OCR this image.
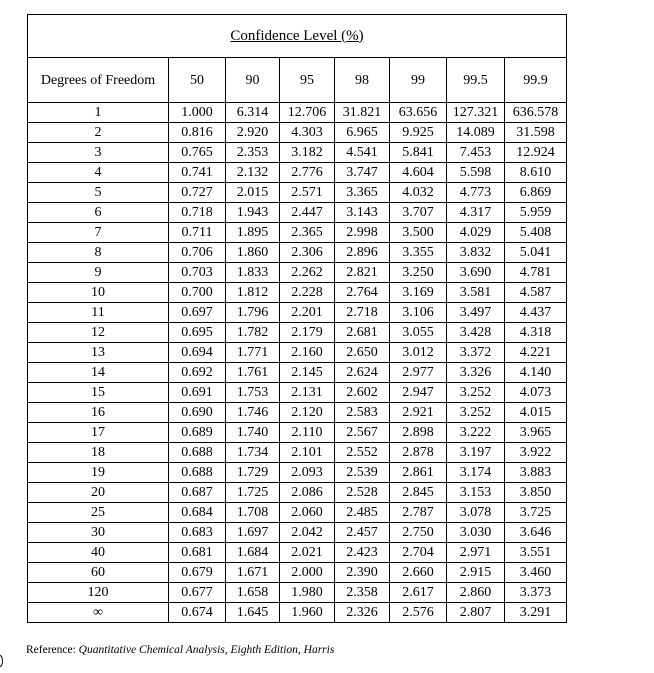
Confidence Level (%)							
Degrees of Freedom	50	90	95	98	99	99.5	99.9
1	1.000	6.314	12.706	31.821	63.656	127.321	636.578
2	0.816	2.920	4.303	6.965	9.925	14.089	31.598
3	0.765	2.353	3.182	4.541	5.841	7.453	12.924
4	0.741	2.132	2.776	3.747	4.604	5.598	8.610
5	0.727	2.015	2.571	3.365	4.032	4.773	6.869
6	0.718	1.943	2.447	3.143	3.707	4.317	5.959
7	0.711	1.895	2.365	2.998	3.500	4.029	5.408
8	0.706	1.860	2.306	2.896	3.355	3.832	5.041
9	0.703	1.833	2.262	2.821	3.250	3.690	4.781
10	0.700	1.812	2.228	2.764	3.169	3.581	4.587
11	0.697	1.796	2.201	2.718	3.106	3.497	4.437
12	0.695	1.782	2.179	2.681	3.055	3.428	4.318
13	0.694	1.771	2.160	2.650	3.012	3.372	4.221
14	0.692	1.761	2.145	2.624	2.977	3.326	4.140
15	0.691	1.753	2.131	2.602	2.947	3.252	4.073
16	0.690	1.746	2.120	2.583	2.921	3.252	4.015
17	0.689	1.740	2.110	2.567	2.898	3.222	3.965
18	0.688	1.734	2.101	2.552	2.878	3.197	3.922
19	0.688	1.729	2.093	2.539	2.861	3.174	3.883
20	0.687	1.725	2.086	2.528	2.845	3.153	3.850
25	0.684	1.708	2.060	2.485	2.787	3.078	3.725
30	0.683	1.697	2.042	2.457	2.750	3.030	3.646
40	0.681	1.684	2.021	2.423	2.704	2.971	3.551
60	0.679	1.671	2.000	2.390	2.660	2.915	3.460
120	0.677	1.658	1.980	2.358	2.617	2.860	3.373
∞	0.674	1.645	1.960	2.326	2.576	2.807	3.291
Reference: Quantitative Chemical Analysis, Eighth Edition, Harris
